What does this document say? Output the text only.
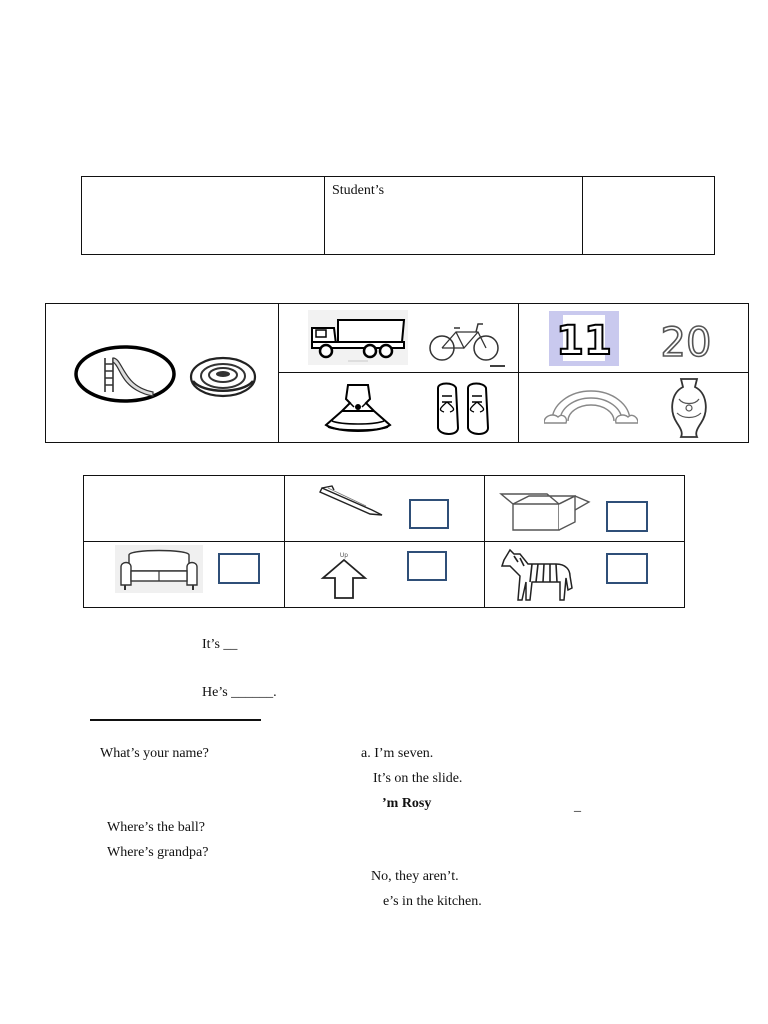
Student’s

11 20

Up

It’s __
He’s ______.
What’s your name?
Where’s the ball?
Where’s grandpa?
a. I’m seven.
It’s on the slide.
’m Rosy	_
No, they aren’t.
e’s in the kitchen.
